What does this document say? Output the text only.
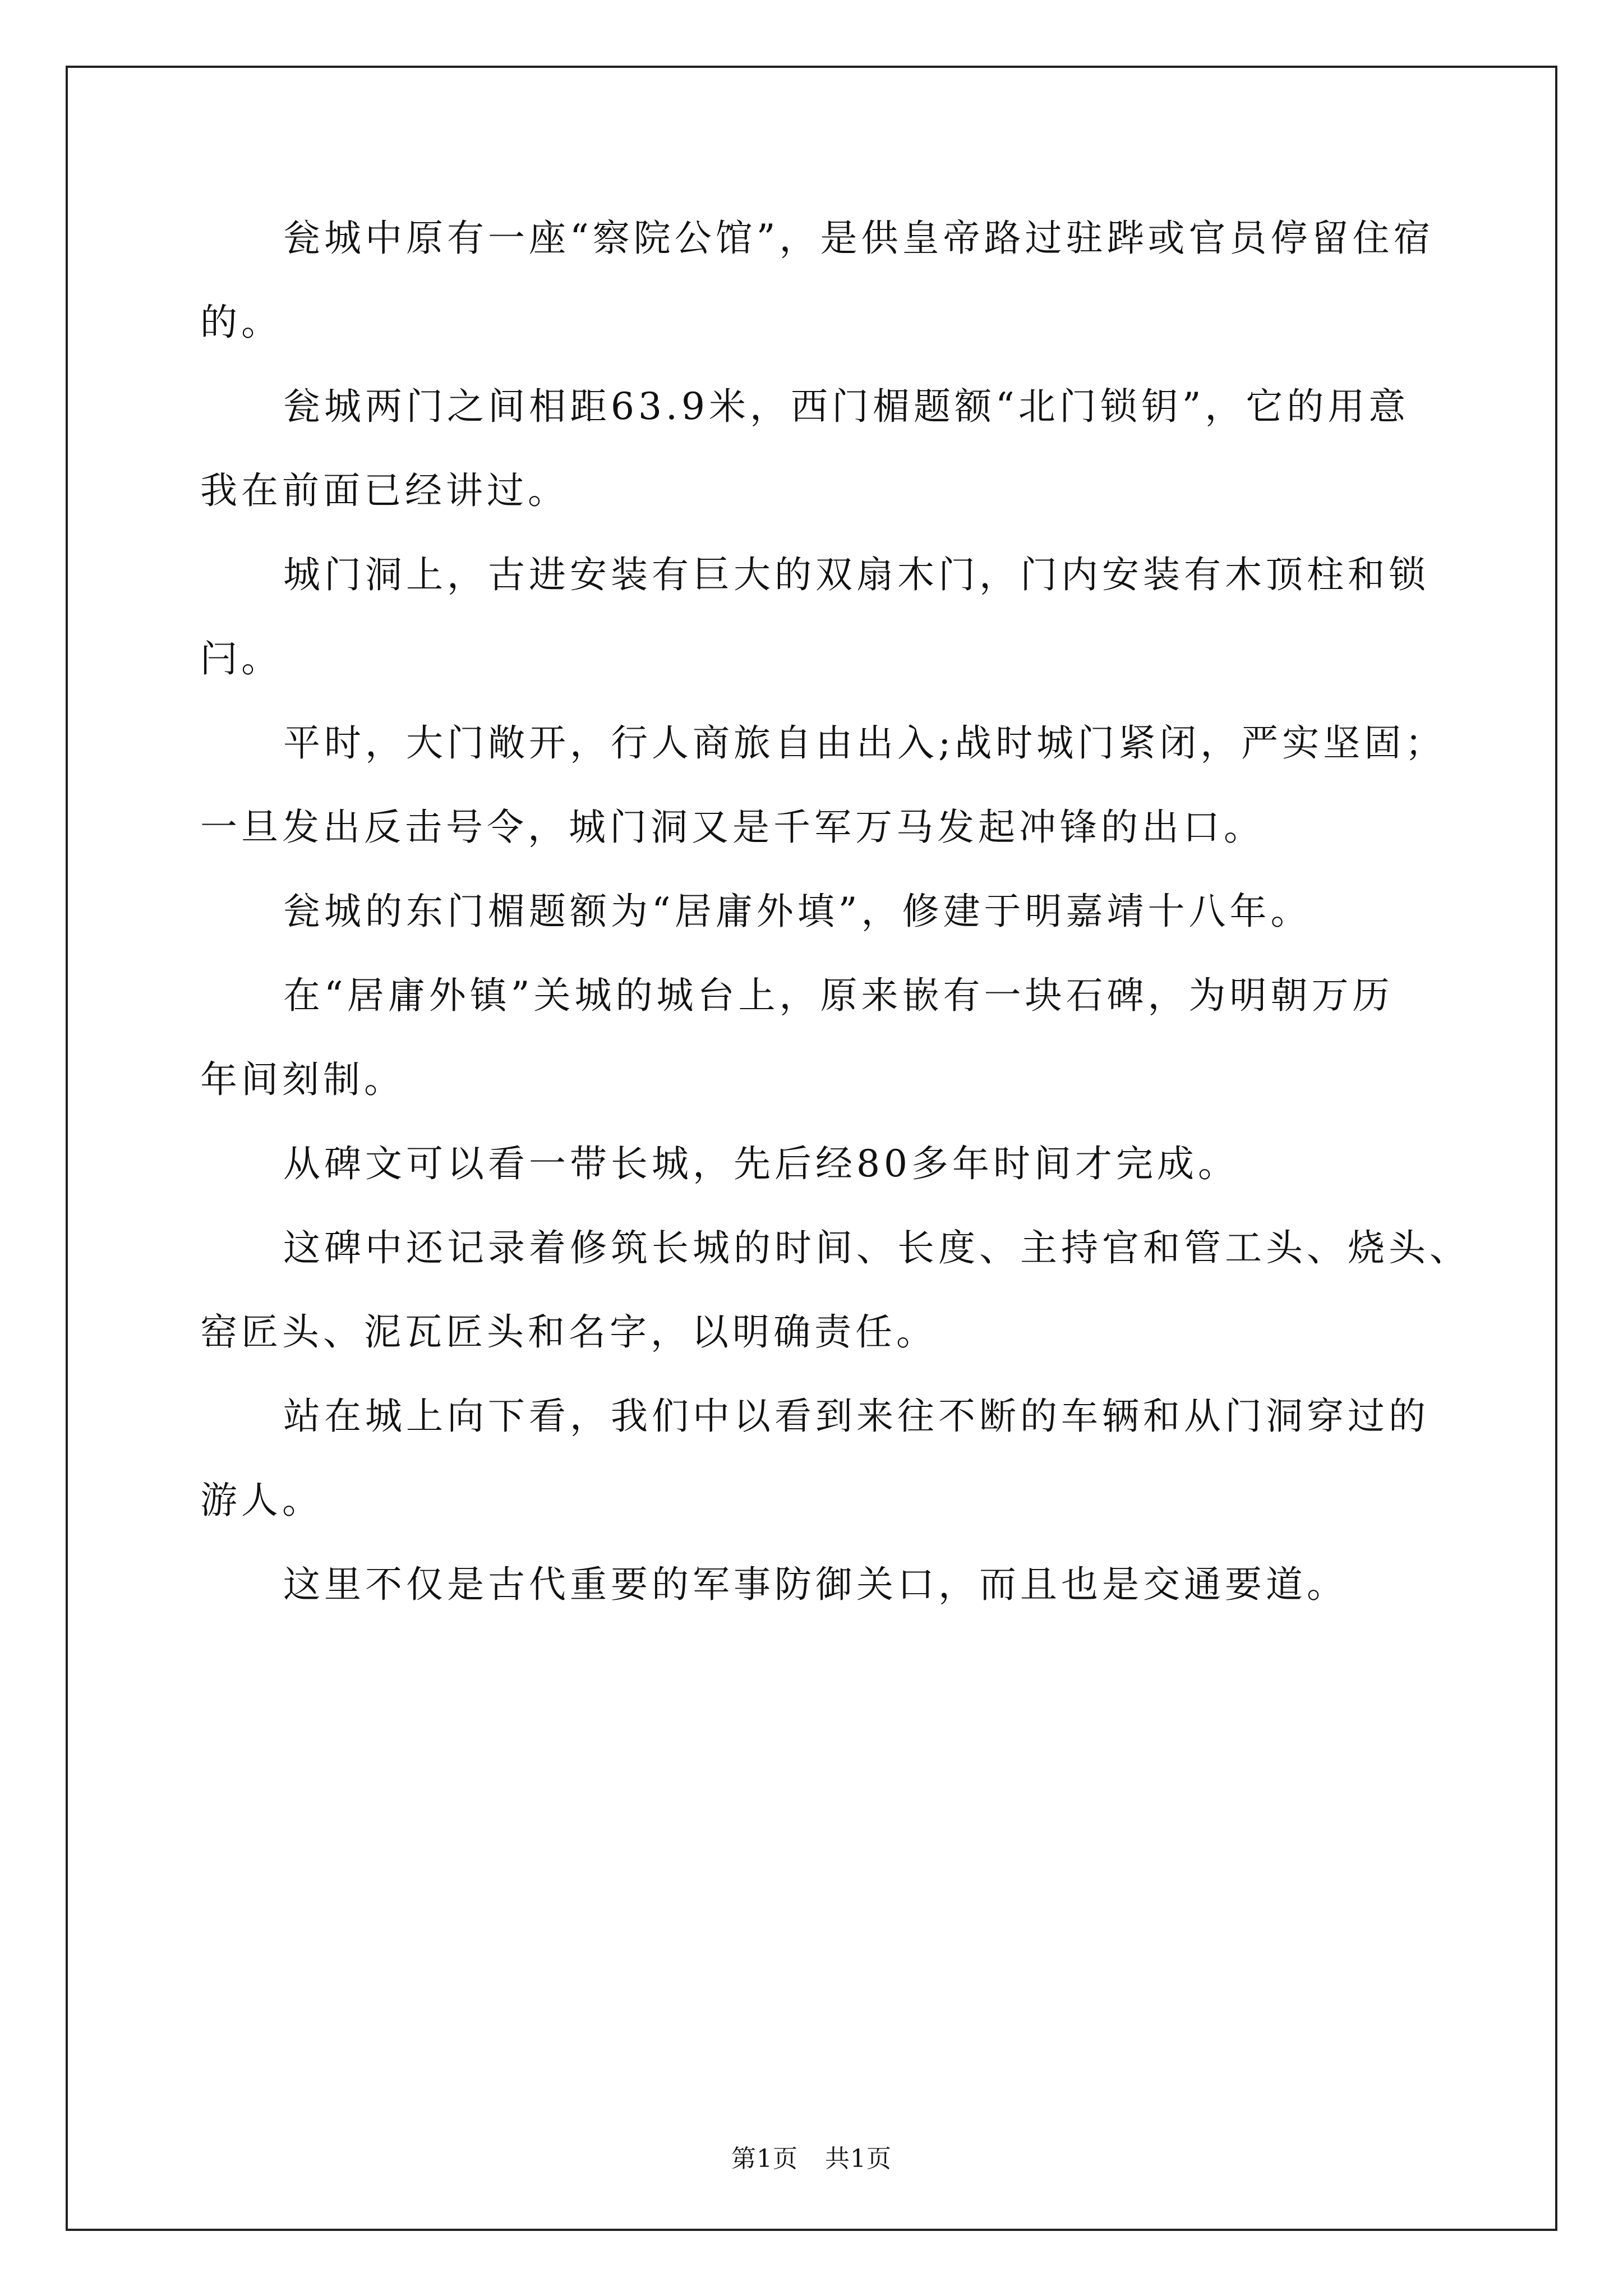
瓮城中原有一座“察院公馆”，是供皇帝路过驻跸或官员停留住宿
的。
瓮城两门之间相距63.9米，西门楣题额“北门锁钥”，它的用意
我在前面已经讲过。
城门洞上，古进安装有巨大的双扇木门，门内安装有木顶柱和锁
闩。
平时，大门敞开，行人商旅自由出入;战时城门紧闭，严实坚固；
一旦发出反击号令，城门洞又是千军万马发起冲锋的出口。
瓮城的东门楣题额为“居庸外填”，修建于明嘉靖十八年。
在“居庸外镇”关城的城台上，原来嵌有一块石碑，为明朝万历
年间刻制。
从碑文可以看一带长城，先后经80多年时间才完成。
这碑中还记录着修筑长城的时间、长度、主持官和管工头、烧头、
窑匠头、泥瓦匠头和名字，以明确责任。
站在城上向下看，我们中以看到来往不断的车辆和从门洞穿过的
游人。
这里不仅是古代重要的军事防御关口，而且也是交通要道。
第1页 共1页
